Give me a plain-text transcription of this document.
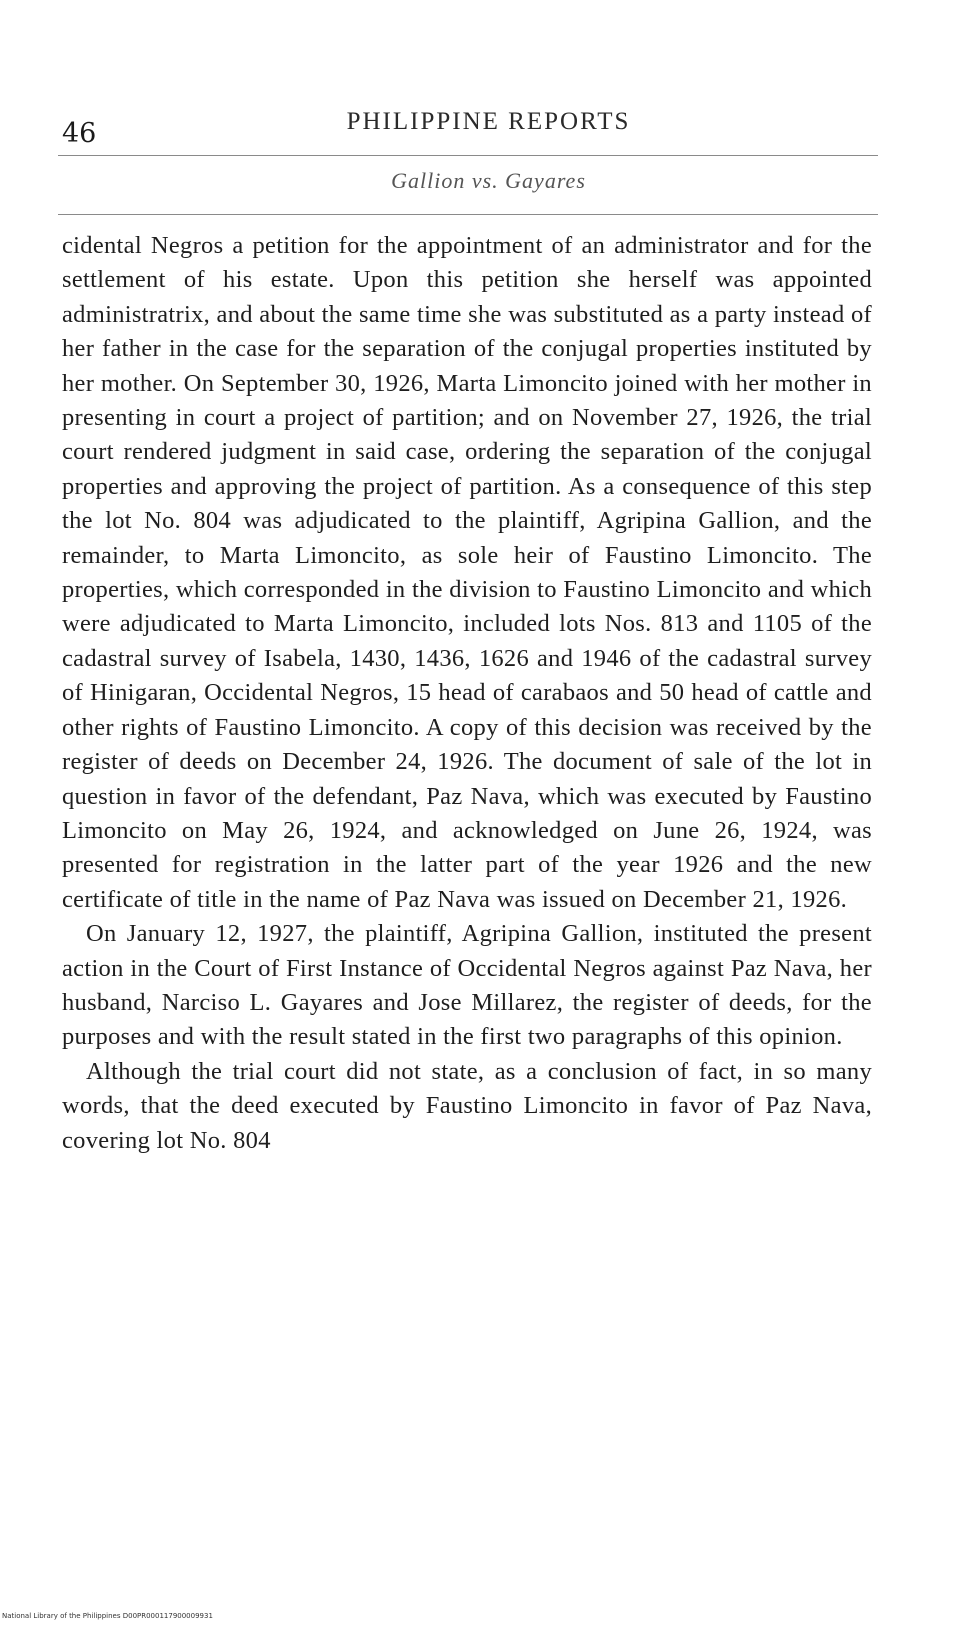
46	PHILIPPINE REPORTS
Gallion vs. Gayares

cidental Negros a petition for the appointment of an administrator and for the settlement of his estate. Upon this petition she herself was appointed administratrix, and about the same time she was substituted as a party instead of her father in the case for the separation of the conjugal properties instituted by her mother. On September 30, 1926, Marta Limoncito joined with her mother in presenting in court a project of partition; and on November 27, 1926, the trial court rendered judgment in said case, ordering the separation of the conjugal properties and approving the project of partition. As a consequence of this step the lot No. 804 was adjudicated to the plaintiff, Agripina Gallion, and the remainder, to Marta Limoncito, as sole heir of Faustino Limoncito. The properties, which corresponded in the division to Faustino Limoncito and which were adjudicated to Marta Limoncito, included lots Nos. 813 and 1105 of the cadastral survey of Isabela, 1430, 1436, 1626 and 1946 of the cadastral survey of Hinigaran, Occidental Negros, 15 head of carabaos and 50 head of cattle and other rights of Faustino Limoncito. A copy of this decision was received by the register of deeds on December 24, 1926. The document of sale of the lot in question in favor of the defendant, Paz Nava, which was executed by Faustino Limoncito on May 26, 1924, and acknowledged on June 26, 1924, was presented for registration in the latter part of the year 1926 and the new certificate of title in the name of Paz Nava was issued on December 21, 1926.

On January 12, 1927, the plaintiff, Agripina Gallion, instituted the present action in the Court of First Instance of Occidental Negros against Paz Nava, her husband, Narciso L. Gayares and Jose Millarez, the register of deeds, for the purposes and with the result stated in the first two paragraphs of this opinion.

Although the trial court did not state, as a conclusion of fact, in so many words, that the deed executed by Faustino Limoncito in favor of Paz Nava, covering lot No. 804

National Library of the Philippines D00PR000117900009931
